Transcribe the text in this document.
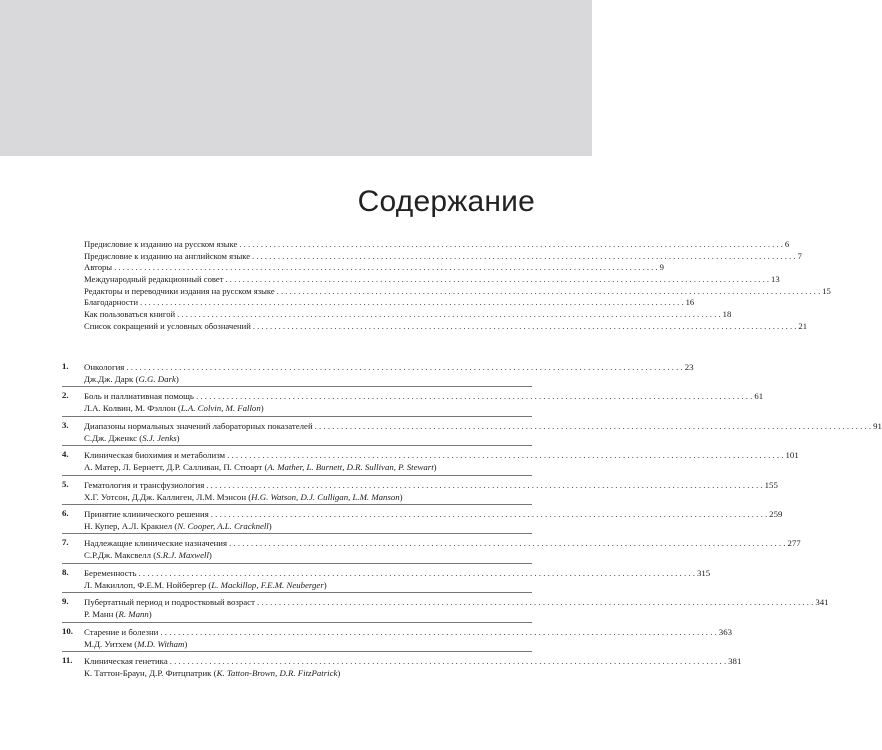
Содержание
Предисловие к изданию на русском языке . . .	6
Предисловие к изданию на английском языке . . .	7
Авторы . . .	9
Международный редакционный совет . . .	13
Редакторы и переводчики издания на русском языке . . .	15
Благодарности . . .	16
Как пользоваться книгой . . .	18
Список сокращений и условных обозначений . . .	21
1.	Онкология . . .	23
Дж.Дж. Дарк (G.G. Dark)
2.	Боль и паллиативная помощь . . .	61
Л.А. Колвин, М. Фэллон (L.A. Colvin, M. Fallon)
3.	Диапазоны нормальных значений лабораторных показателей . . .	91
С.Дж. Дженкс (S.J. Jenks)
4.	Клиническая биохимия и метаболизм . . .	101
А. Матер, Л. Бернетт, Д.Р. Салливан, П. Стюарт (A. Mather, L. Burnett, D.R. Sullivan, P. Stewart)
5.	Гематология и трансфузиология . . .	155
Х.Г. Уотсон, Д.Дж. Каллиген, Л.М. Мэнсон (H.G. Watson, D.J. Culligan, L.M. Manson)
6.	Принятие клинического решения . . .	259
Н. Купер, А.Л. Кракнел (N. Cooper, A.L. Cracknell)
7.	Надлежащие клинические назначения . . .	277
С.Р.Дж. Максвелл (S.R.J. Maxwell)
8.	Беременность . . .	315
Л. Макиллоп, Ф.Е.М. Нойбергер (L. Mackillop, F.E.M. Neuberger)
9.	Пубертатный период и подростковый возраст . . .	341
Р. Манн (R. Mann)
10.	Старение и болезни . . .	363
М.Д. Уитхем (M.D. Witham)
11.	Клиническая генетика . . .	381
К. Таттон-Браун, Д.Р. Фитцпатрик (K. Tatton-Brown, D.R. FitzPatrick)
